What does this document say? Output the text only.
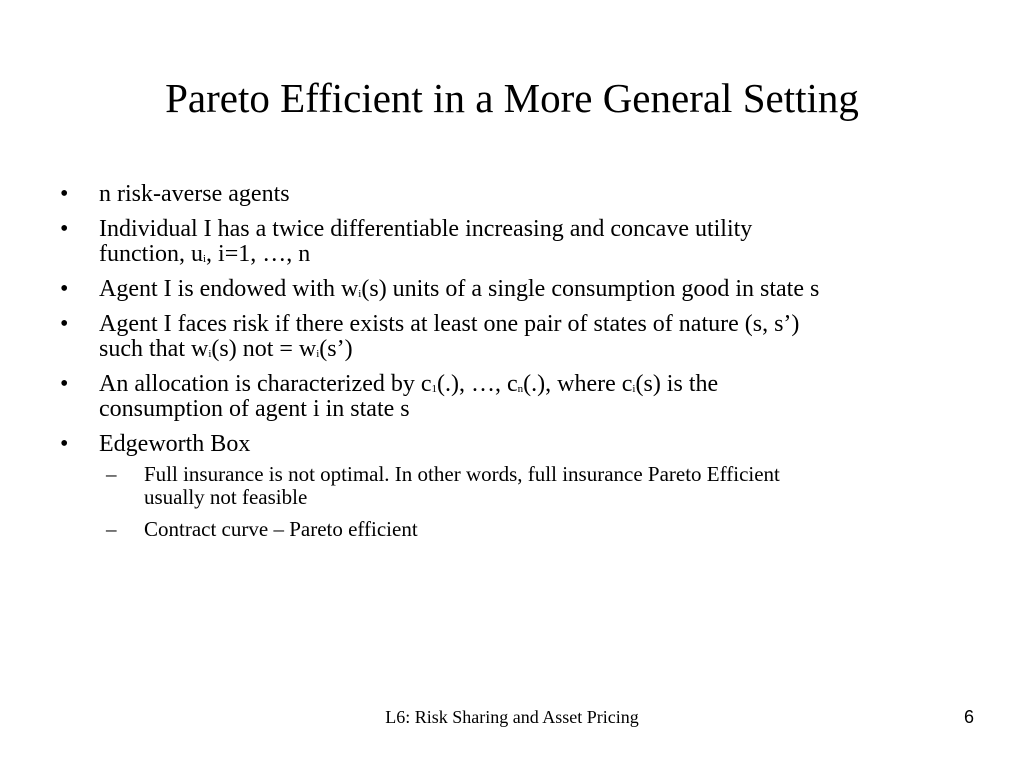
Pareto Efficient in a More General Setting
• n risk-averse agents
• Individual I has a twice differentiable increasing and concave utility
function, $u_i$, i=1, …, n
• Agent I is endowed with $w_i(s)$ units of a single consumption good in state s
• Agent I faces risk if there exists at least one pair of states of nature (s, s’)
such that $w_i(s)$ not = $w_i(s’)$
• An allocation is characterized by $c_1(.)$, …, $c_n(.)$, where $c_i(s)$ is the
consumption of agent i in state s
• Edgeworth Box
– Full insurance is not optimal. In other words, full insurance Pareto Efficient
usually not feasible
– Contract curve – Pareto efficient
L6: Risk Sharing and Asset Pricing	6
